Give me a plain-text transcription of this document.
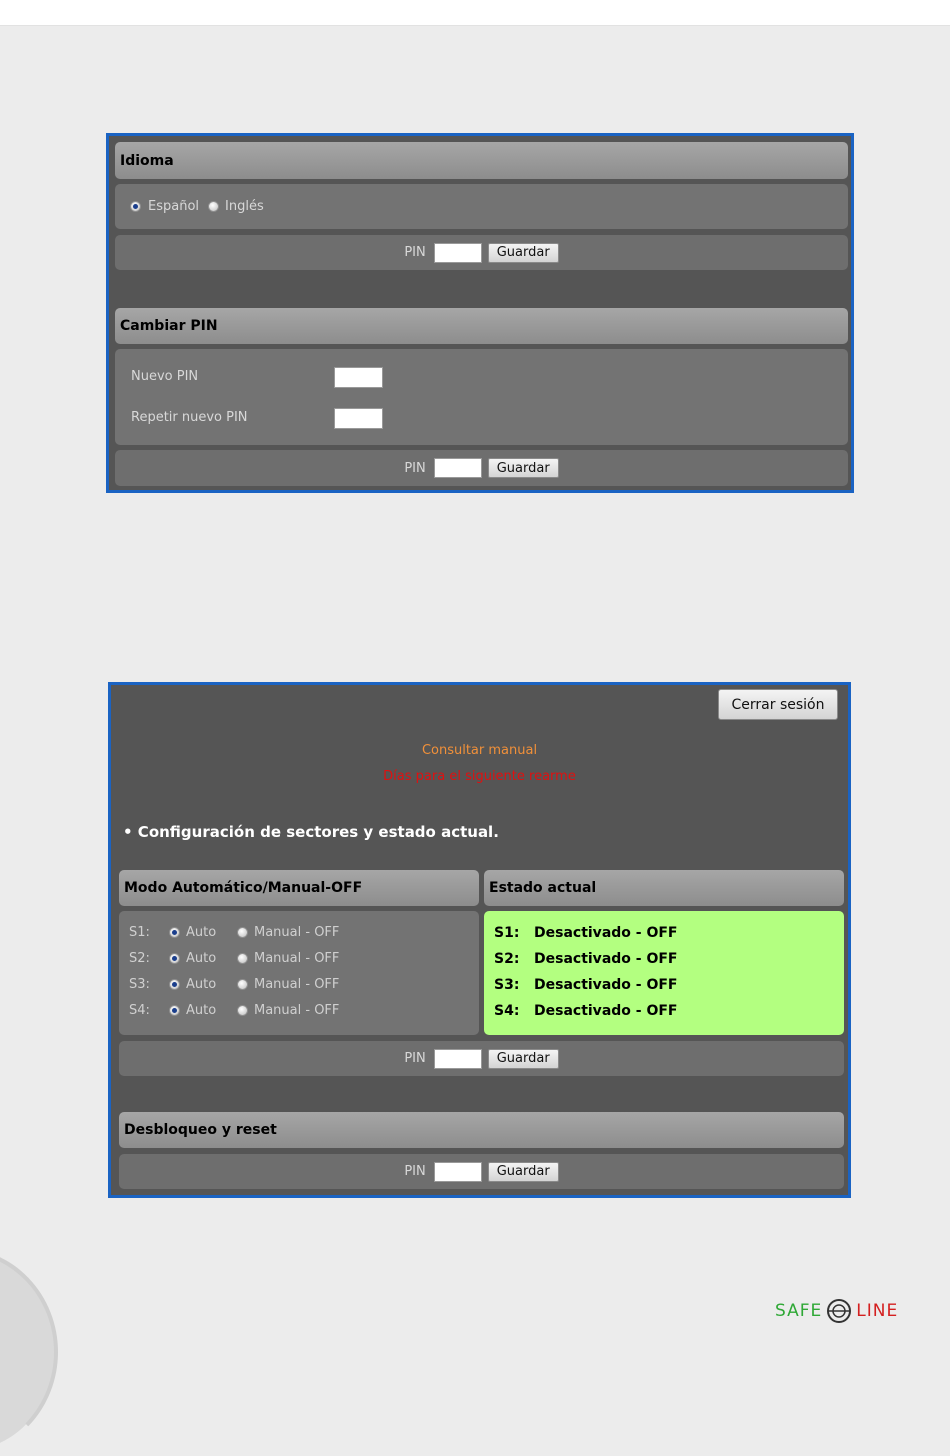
Idioma
Español Inglés
PIN	Guardar
Cambiar PIN
Nuevo PIN
Repetir nuevo PIN
PIN	Guardar
Cerrar sesión
Consultar manual
Días para el siguiente rearme
• Configuración de sectores y estado actual.
Modo Automático/Manual-OFF	Estado actual
S1:	Auto	Manual - OFF
S2:	Auto	Manual - OFF
S3:	Auto	Manual - OFF
S4:	Auto	Manual - OFF
S1:	Desactivado - OFF
S2:	Desactivado - OFF
S3:	Desactivado - OFF
S4:	Desactivado - OFF
PIN	Guardar
Desbloqueo y reset
PIN	Guardar
SAFE LINE
